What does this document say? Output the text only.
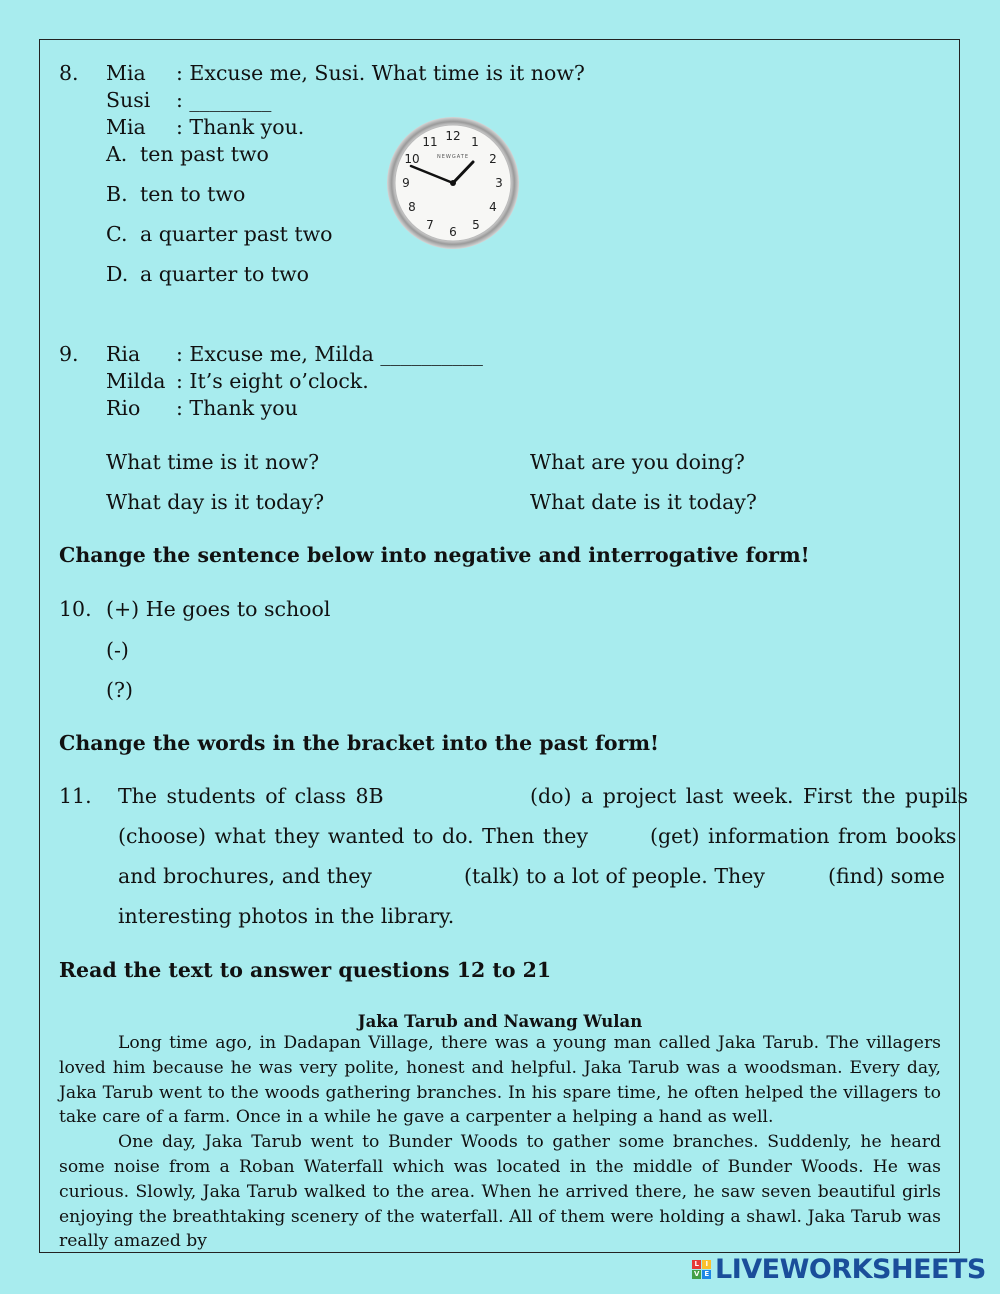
8. Mia : Excuse me, Susi. What time is it now?
Susi : ________
Mia : Thank you.
A. ten past two
B. ten to two
C. a quarter past two
D. a quarter to two
12 1
2
3
4
5
6
7
8
9
10
11
NEWGATE
9. Ria : Excuse me, Milda __________
Milda : It’s eight o’clock.
Rio : Thank you
What time is it now?	What are you doing?
What day is it today?	What date is it today?
Change the sentence below into negative and interrogative form!
10. (+) He goes to school
(-)
(?)
Change the words in the bracket into the past form!
11. The students of class 8B	(do) a project last week. First the pupils
(choose) what they wanted to do. Then they	(get) information from books
and brochures, and they	(talk) to a lot of people. They	(find) some
interesting photos in the library.
Read the text to answer questions 12 to 21
Jaka Tarub and Nawang Wulan

Long time ago, in Dadapan Village, there was a young man called Jaka Tarub. The villagers loved him because he was very polite, honest and helpful. Jaka Tarub was a woodsman. Every day, Jaka Tarub went to the woods gathering branches. In his spare time, he often helped the villagers to take care of a farm. Once in a while he gave a carpenter a helping a hand as well.

One day, Jaka Tarub went to Bunder Woods to gather some branches. Suddenly, he heard some noise from a Roban Waterfall which was located in the middle of Bunder Woods. He was curious. Slowly, Jaka Tarub walked to the area. When he arrived there, he saw seven beautiful girls enjoying the breathtaking scenery of the waterfall. All of them were holding a shawl. Jaka Tarub was really amazed by

L I
V E LIVEWORKSHEETS
